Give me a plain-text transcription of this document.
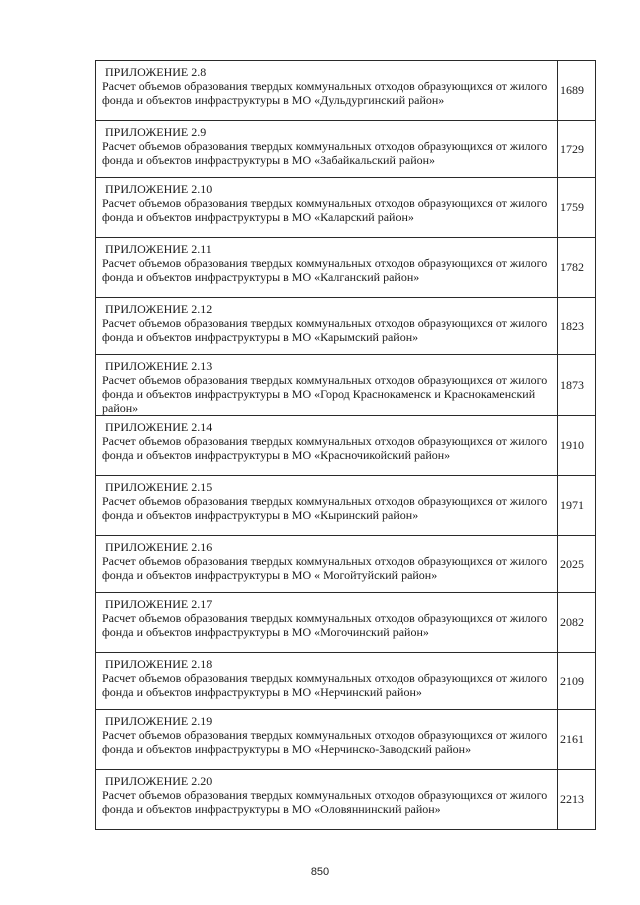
ПРИЛОЖЕНИЕ 2.8
Расчет объемов образования твердых коммунальных отходов образующихся от жилого фонда и объектов инфраструктуры в МО «Дульдургинский район»	1689

ПРИЛОЖЕНИЕ 2.9
Расчет объемов образования твердых коммунальных отходов образующихся от жилого фонда и объектов инфраструктуры в МО «Забайкальский район»	1729

ПРИЛОЖЕНИЕ 2.10
Расчет объемов образования твердых коммунальных отходов образующихся от жилого фонда и объектов инфраструктуры в МО «Каларский район»	1759

ПРИЛОЖЕНИЕ 2.11
Расчет объемов образования твердых коммунальных отходов образующихся от жилого фонда и объектов инфраструктуры в МО «Калганский район»	1782

ПРИЛОЖЕНИЕ 2.12
Расчет объемов образования твердых коммунальных отходов образующихся от жилого фонда и объектов инфраструктуры в МО «Карымский район»	1823

ПРИЛОЖЕНИЕ 2.13
Расчет объемов образования твердых коммунальных отходов образующихся от жилого фонда и объектов инфраструктуры в МО «Город Краснокаменск и Краснокаменский район»	1873

ПРИЛОЖЕНИЕ 2.14
Расчет объемов образования твердых коммунальных отходов образующихся от жилого фонда и объектов инфраструктуры в МО «Красночикойский район»	1910

ПРИЛОЖЕНИЕ 2.15
Расчет объемов образования твердых коммунальных отходов образующихся от жилого фонда и объектов инфраструктуры в МО «Кыринский район»	1971

ПРИЛОЖЕНИЕ 2.16
Расчет объемов образования твердых коммунальных отходов образующихся от жилого фонда и объектов инфраструктуры в МО « Могойтуйский район»	2025

ПРИЛОЖЕНИЕ 2.17
Расчет объемов образования твердых коммунальных отходов образующихся от жилого фонда и объектов инфраструктуры в МО «Могочинский район»	2082

ПРИЛОЖЕНИЕ 2.18
Расчет объемов образования твердых коммунальных отходов образующихся от жилого фонда и объектов инфраструктуры в МО «Нерчинский район»	2109

ПРИЛОЖЕНИЕ 2.19
Расчет объемов образования твердых коммунальных отходов образующихся от жилого фонда и объектов инфраструктуры в МО «Нерчинско-Заводский район»	2161

ПРИЛОЖЕНИЕ 2.20
Расчет объемов образования твердых коммунальных отходов образующихся от жилого фонда и объектов инфраструктуры в МО «Оловяннинский район»	2213
850
